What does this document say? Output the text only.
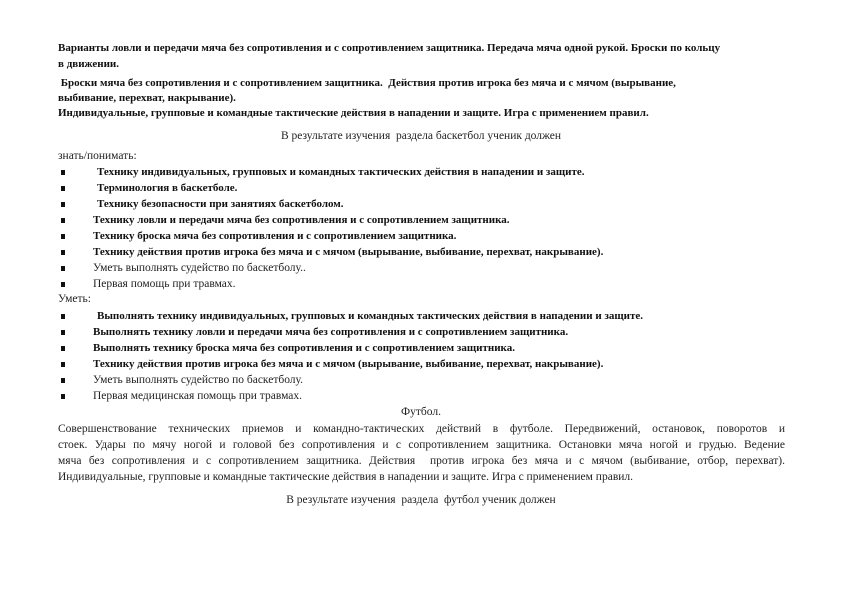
Варианты ловли и передачи мяча без сопротивления и с сопротивлением защитника. Передача мяча одной рукой. Броски по кольцу
в движении.
Броски мяча без сопротивления и с сопротивлением защитника.  Действия против игрока без мяча и с мячом (вырывание,
выбивание, перехват, накрывание).
Индивидуальные, групповые и командные тактические действия в нападении и защите. Игра с применением правил.
В результате изучения  раздела баскетбол ученик должен
знать/понимать:

Технику индивидуальных, групповых и командных тактических действия в нападении и защите.

Терминология в баскетболе.

Технику безопасности при занятиях баскетболом.

Технику ловли и передачи мяча без сопротивления и с сопротивлением защитника.

Технику броска мяча без сопротивления и с сопротивлением защитника.

Технику действия против игрока без мяча и с мячом (вырывание, выбивание, перехват, накрывание).

Уметь выполнять судейство по баскетболу..

Первая помощь при травмах.

Уметь:

Выполнять технику индивидуальных, групповых и командных тактических действия в нападении и защите.

Выполнять технику ловли и передачи мяча без сопротивления и с сопротивлением защитника.

Выполнять технику броска мяча без сопротивления и с сопротивлением защитника.

Технику действия против игрока без мяча и с мячом (вырывание, выбивание, перехват, накрывание).

Уметь выполнять судейство по баскетболу.

Первая медицинская помощь при травмах.

Футбол.
Совершенствование технических приемов и командно-тактических действий в футболе. Передвижений, остановок, поворотов и
стоек. Удары по мячу ногой и головой без сопротивления и с сопротивлением защитника. Остановки мяча ногой и грудью. Ведение
мяча без сопротивления и с сопротивлением защитника. Действия  против игрока без мяча и с мячом (выбивание, отбор, перехват).
Индивидуальные, групповые и командные тактические действия в нападении и защите. Игра с применением правил.
В результате изучения  раздела  футбол ученик должен
